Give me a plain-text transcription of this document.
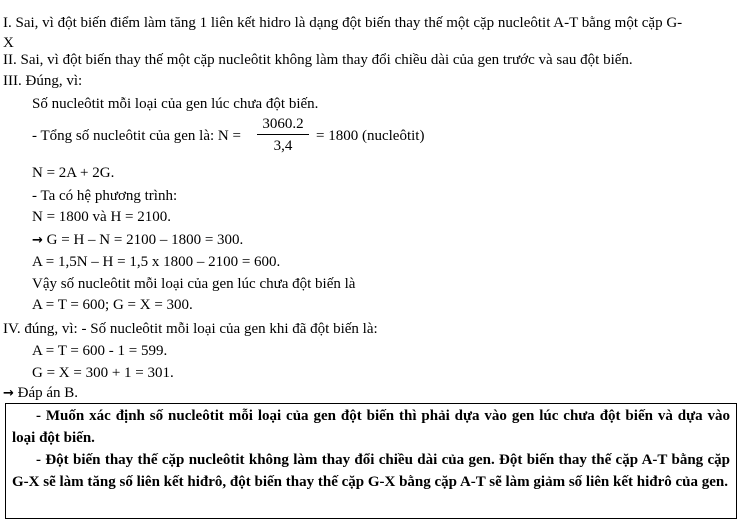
I. Sai, vì đột biến điểm làm tăng 1 liên kết hidro là dạng đột biến thay thế một cặp nucleôtit A-T bằng một cặp G-
X
II. Sai, vì đột biến thay thế một cặp nucleôtit không làm thay đổi chiều dài của gen trước và sau đột biến.
III. Đúng, vì:
Số nucleôtit mỗi loại của gen lúc chưa đột biến.
- Tổng số nucleôtit của gen là: N =
3060.2
3,4
= 1800 (nucleôtit)
N = 2A + 2G.
- Ta có hệ phương trình:
N = 1800 và H = 2100.
→ G = H – N = 2100 – 1800 = 300.
A = 1,5N – H = 1,5 x 1800 – 2100 = 600.
Vậy số nucleôtit mỗi loại của gen lúc chưa đột biến là
A = T = 600; G = X = 300.
IV. đúng, vì: - Số nucleôtit mỗi loại của gen khi đã đột biến là:
A = T = 600 - 1 = 599.
G = X = 300 + 1 = 301.
→ Đáp án B.
- Muốn xác định số nucleôtit mỗi loại của gen đột biến thì phải dựa vào gen lúc chưa đột biến và dựa vào loại đột biến.
- Đột biến thay thế cặp nucleôtit không làm thay đổi chiều dài của gen. Đột biến thay thế cặp A-T bằng cặp G-X sẽ làm tăng số liên kết hiđrô, đột biến thay thế cặp G-X bằng cặp A-T sẽ làm giảm số liên kết hiđrô của gen.
